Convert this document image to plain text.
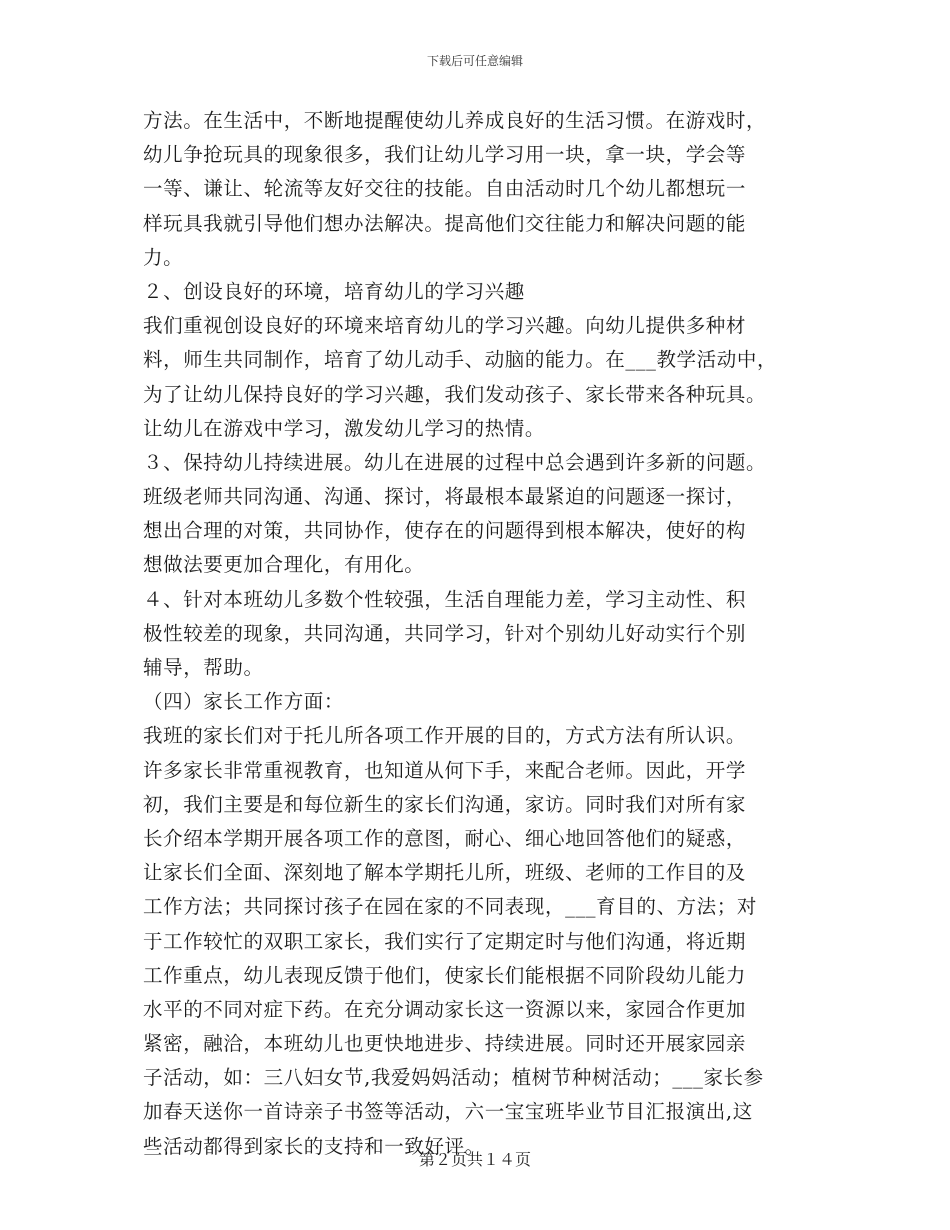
下载后可任意编辑
方法。在生活中，不断地提醒使幼儿养成良好的生活习惯。在游戏时，
幼儿争抢玩具的现象很多，我们让幼儿学习用一块，拿一块，学会等
一等、谦让、轮流等友好交往的技能。自由活动时几个幼儿都想玩一
样玩具我就引导他们想办法解决。提高他们交往能力和解决问题的能
力。
２、创设良好的环境，培育幼儿的学习兴趣
我们重视创设良好的环境来培育幼儿的学习兴趣。向幼儿提供多种材
料，师生共同制作，培育了幼儿动手、动脑的能力。在___教学活动中，
为了让幼儿保持良好的学习兴趣，我们发动孩子、家长带来各种玩具。
让幼儿在游戏中学习，激发幼儿学习的热情。
３、保持幼儿持续进展。幼儿在进展的过程中总会遇到许多新的问题。
班级老师共同沟通、沟通、探讨，将最根本最紧迫的问题逐一探讨，
想出合理的对策，共同协作，使存在的问题得到根本解决，使好的构
想做法要更加合理化，有用化。
４、针对本班幼儿多数个性较强，生活自理能力差，学习主动性、积
极性较差的现象，共同沟通，共同学习，针对个别幼儿好动实行个别
辅导，帮助。
（四）家长工作方面：
我班的家长们对于托儿所各项工作开展的目的，方式方法有所认识。
许多家长非常重视教育，也知道从何下手，来配合老师。因此，开学
初，我们主要是和每位新生的家长们沟通，家访。同时我们对所有家
长介绍本学期开展各项工作的意图，耐心、细心地回答他们的疑惑，
让家长们全面、深刻地了解本学期托儿所，班级、老师的工作目的及
工作方法；共同探讨孩子在园在家的不同表现，___育目的、方法；对
于工作较忙的双职工家长，我们实行了定期定时与他们沟通，将近期
工作重点，幼儿表现反馈于他们，使家长们能根据不同阶段幼儿能力
水平的不同对症下药。在充分调动家长这一资源以来，家园合作更加
紧密，融洽，本班幼儿也更快地进步、持续进展。同时还开展家园亲
子活动，如：三八妇女节,我爱妈妈活动；植树节种树活动；___家长参
加春天送你一首诗亲子书签等活动，六一宝宝班毕业节目汇报演出,这
些活动都得到家长的支持和一致好评。
第２页共１４页
